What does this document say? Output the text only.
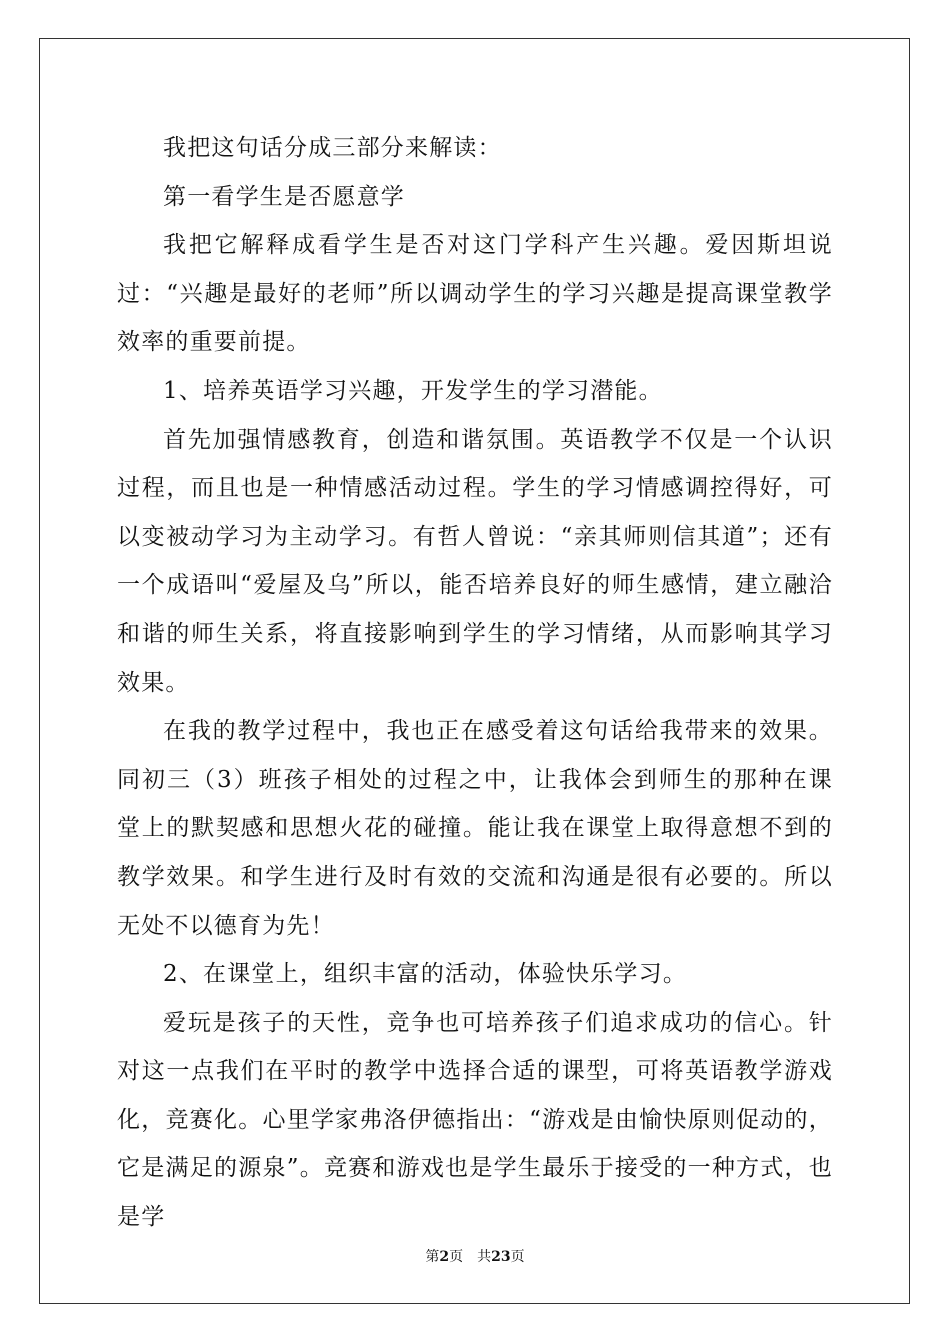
我把这句话分成三部分来解读：

第一看学生是否愿意学

我把它解释成看学生是否对这门学科产生兴趣。爱因斯坦说过：“兴趣是最好的老师”所以调动学生的学习兴趣是提高课堂教学效率的重要前提。

1、培养英语学习兴趣，开发学生的学习潜能。

首先加强情感教育，创造和谐氛围。英语教学不仅是一个认识过程，而且也是一种情感活动过程。学生的学习情感调控得好，可以变被动学习为主动学习。有哲人曾说：“亲其师则信其道”；还有一个成语叫“爱屋及乌”所以，能否培养良好的师生感情，建立融洽和谐的师生关系，将直接影响到学生的学习情绪，从而影响其学习效果。

在我的教学过程中，我也正在感受着这句话给我带来的效果。同初三（3）班孩子相处的过程之中，让我体会到师生的那种在课堂上的默契感和思想火花的碰撞。能让我在课堂上取得意想不到的教学效果。和学生进行及时有效的交流和沟通是很有必要的。所以无处不以德育为先！

2、在课堂上，组织丰富的活动，体验快乐学习。

爱玩是孩子的天性，竞争也可培养孩子们追求成功的信心。针对这一点我们在平时的教学中选择合适的课型，可将英语教学游戏化，竞赛化。心里学家弗洛伊德指出：“游戏是由愉快原则促动的，它是满足的源泉”。竞赛和游戏也是学生最乐于接受的一种方式，也是学

第2页 共23页
